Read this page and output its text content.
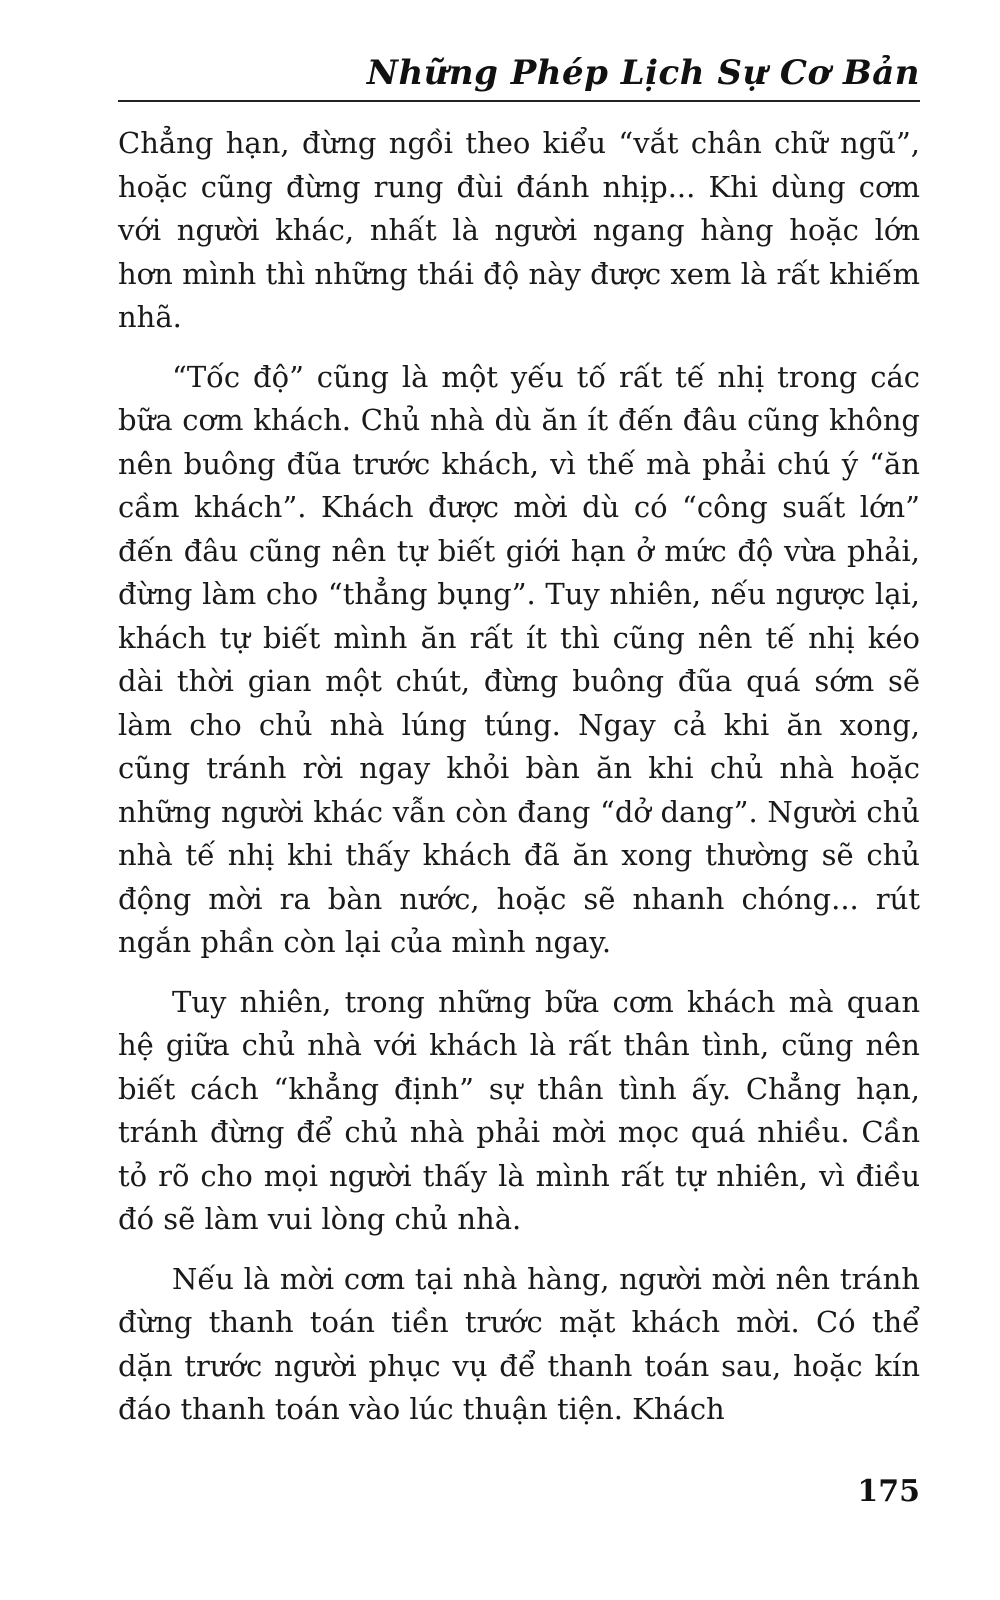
Những Phép Lịch Sự Cơ Bản

Chẳng hạn, đừng ngồi theo kiểu “vắt chân chữ ngũ”, hoặc cũng đừng rung đùi đánh nhịp... Khi dùng cơm với người khác, nhất là người ngang hàng hoặc lớn hơn mình thì những thái độ này được xem là rất khiếm nhã.

“Tốc độ” cũng là một yếu tố rất tế nhị trong các bữa cơm khách. Chủ nhà dù ăn ít đến đâu cũng không nên buông đũa trước khách, vì thế mà phải chú ý “ăn cầm khách”. Khách được mời dù có “công suất lớn” đến đâu cũng nên tự biết giới hạn ở mức độ vừa phải, đừng làm cho “thẳng bụng”. Tuy nhiên, nếu ngược lại, khách tự biết mình ăn rất ít thì cũng nên tế nhị kéo dài thời gian một chút, đừng buông đũa quá sớm sẽ làm cho chủ nhà lúng túng. Ngay cả khi ăn xong, cũng tránh rời ngay khỏi bàn ăn khi chủ nhà hoặc những người khác vẫn còn đang “dở dang”. Người chủ nhà tế nhị khi thấy khách đã ăn xong thường sẽ chủ động mời ra bàn nước, hoặc sẽ nhanh chóng... rút ngắn phần còn lại của mình ngay.

Tuy nhiên, trong những bữa cơm khách mà quan hệ giữa chủ nhà với khách là rất thân tình, cũng nên biết cách “khẳng định” sự thân tình ấy. Chẳng hạn, tránh đừng để chủ nhà phải mời mọc quá nhiều. Cần tỏ rõ cho mọi người thấy là mình rất tự nhiên, vì điều đó sẽ làm vui lòng chủ nhà.

Nếu là mời cơm tại nhà hàng, người mời nên tránh đừng thanh toán tiền trước mặt khách mời. Có thể dặn trước người phục vụ để thanh toán sau, hoặc kín đáo thanh toán vào lúc thuận tiện. Khách

175
